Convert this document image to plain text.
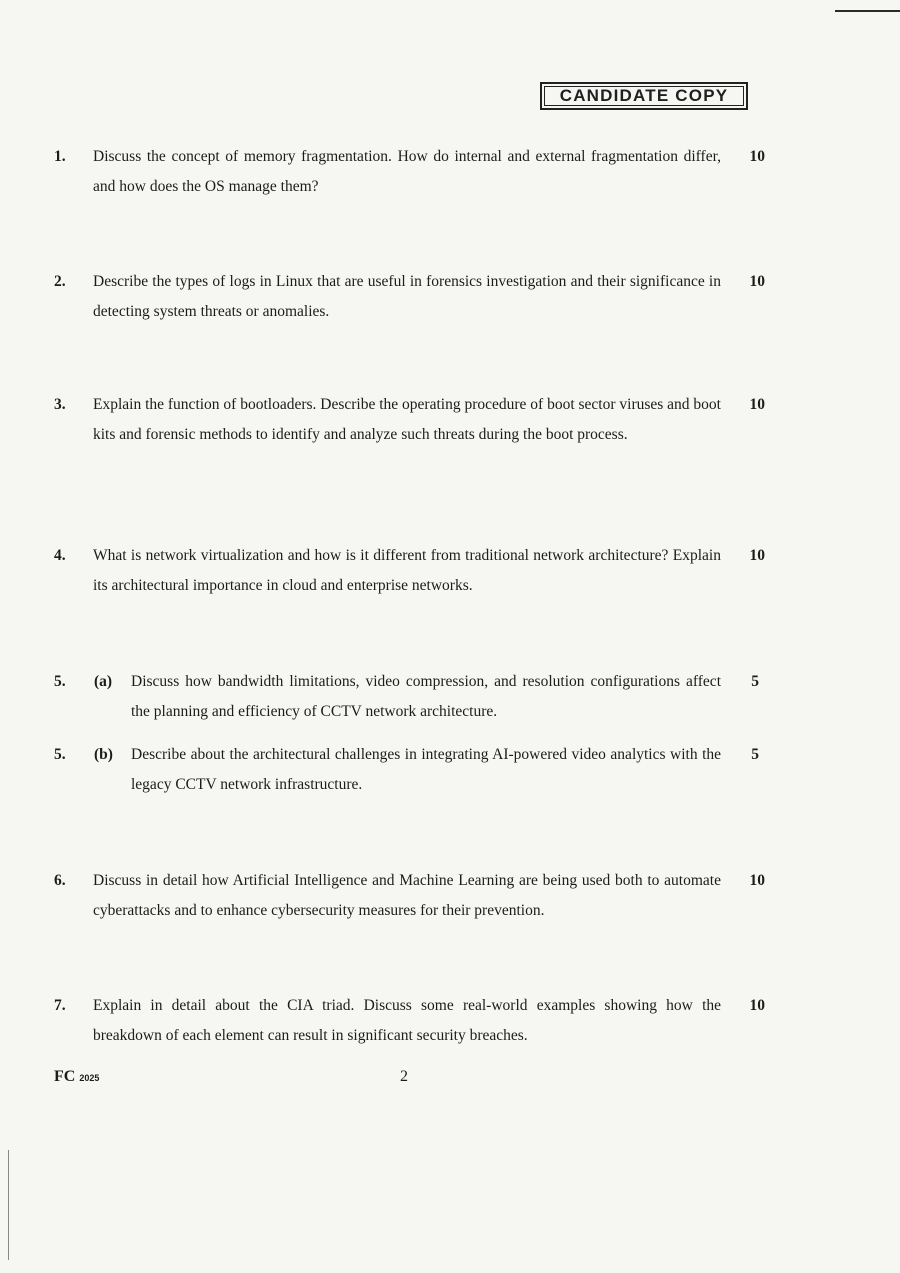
CANDIDATE COPY
1. Discuss the concept of memory fragmentation. How do internal and external fragmentation differ, and how does the OS manage them?
10
2. Describe the types of logs in Linux that are useful in forensics investigation and their significance in detecting system threats or anomalies.
10
3. Explain the function of bootloaders. Describe the operating procedure of boot sector viruses and boot kits and forensic methods to identify and analyze such threats during the boot process.
10
4. What is network virtualization and how is it different from traditional network architecture? Explain its architectural importance in cloud and enterprise networks.
10
5. (a) Discuss how bandwidth limitations, video compression, and resolution configurations affect the planning and efficiency of CCTV network architecture.
5
5. (b) Describe about the architectural challenges in integrating AI-powered video analytics with the legacy CCTV network infrastructure.
5
6. Discuss in detail how Artificial Intelligence and Machine Learning are being used both to automate cyberattacks and to enhance cybersecurity measures for their prevention.
10
7. Explain in detail about the CIA triad. Discuss some real-world examples showing how the breakdown of each element can result in significant security breaches.
10
FC 2025	2
